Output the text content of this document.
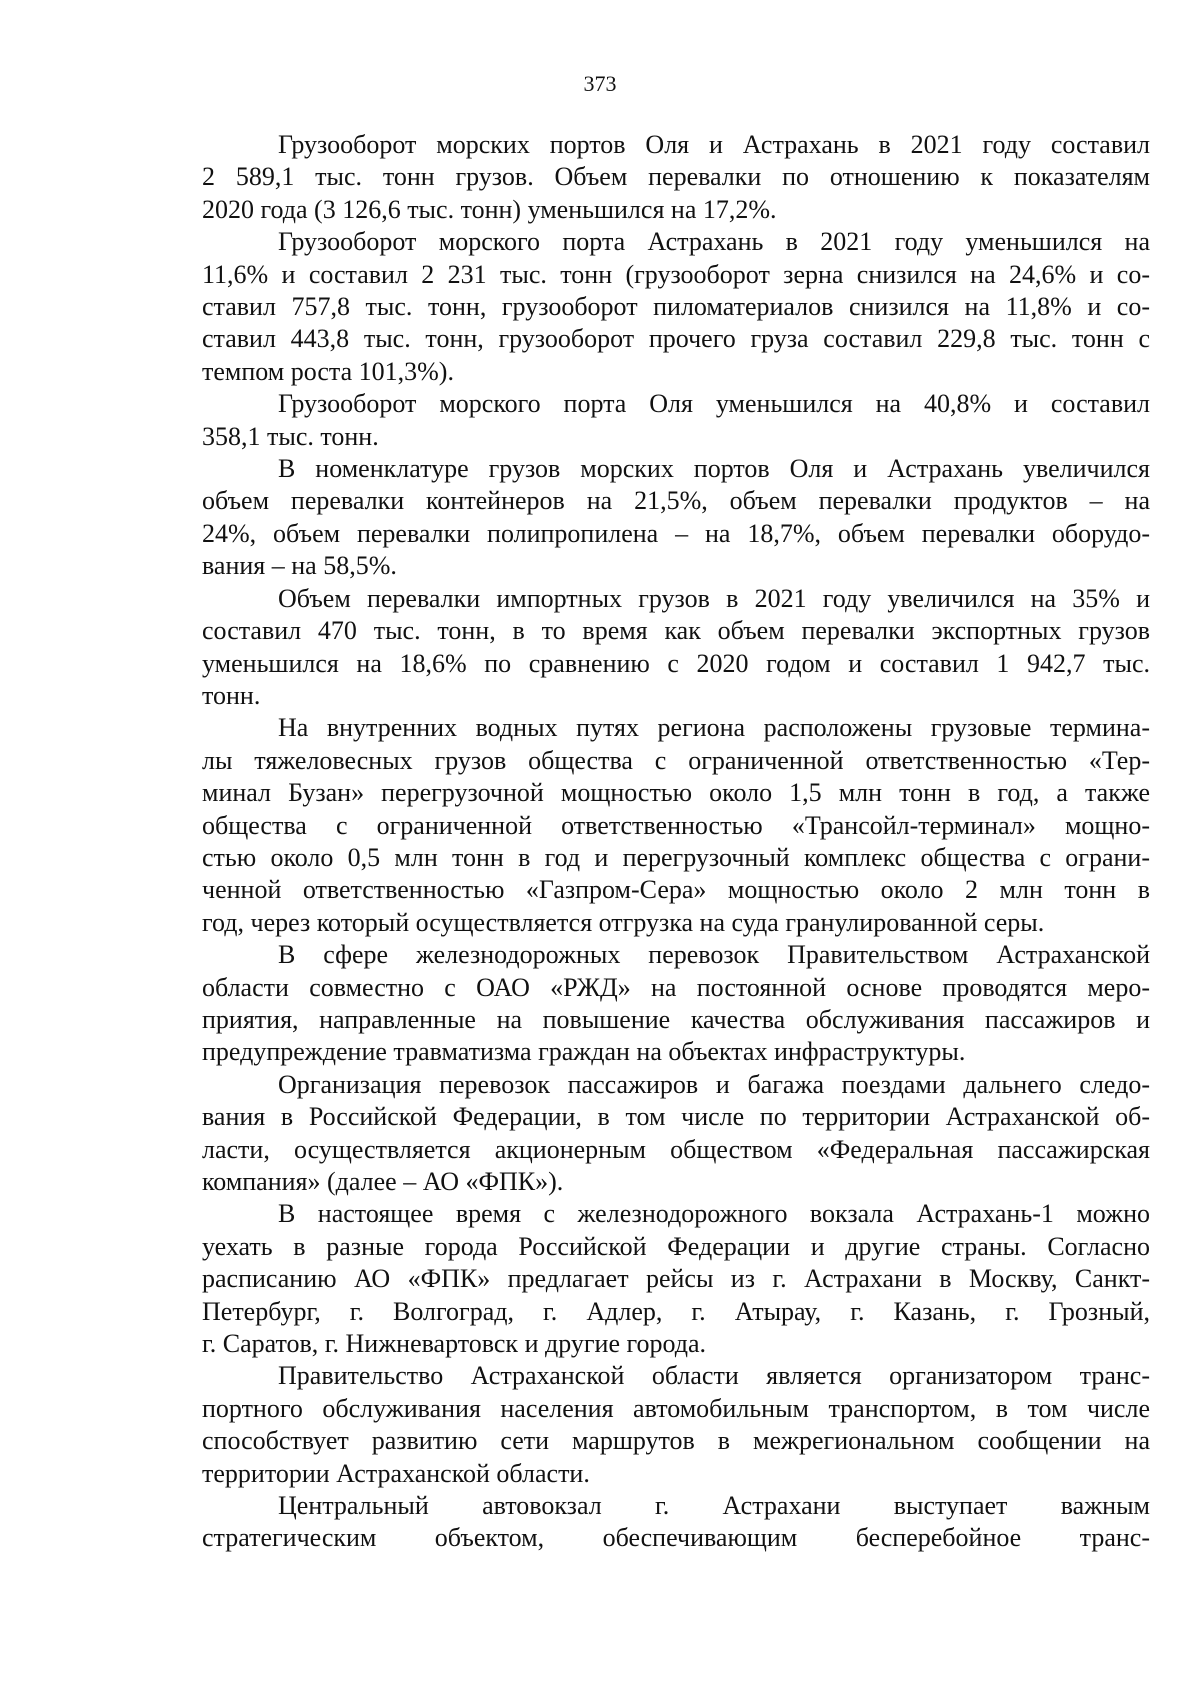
373

Грузооборот морских портов Оля и Астрахань в 2021 году составил
2 589,1 тыс. тонн грузов. Объем перевалки по отношению к показателям
2020 года (3 126,6 тыс. тонн) уменьшился на 17,2%.

Грузооборот морского порта Астрахань в 2021 году уменьшился на
11,6% и составил 2 231 тыс. тонн (грузооборот зерна снизился на 24,6% и со-
ставил 757,8 тыс. тонн, грузооборот пиломатериалов снизился на 11,8% и со-
ставил 443,8 тыс. тонн, грузооборот прочего груза составил 229,8 тыс. тонн с
темпом роста 101,3%).

Грузооборот морского порта Оля уменьшился на 40,8% и составил
358,1 тыс. тонн.

В номенклатуре грузов морских портов Оля и Астрахань увеличился
объем перевалки контейнеров на 21,5%, объем перевалки продуктов – на
24%, объем перевалки полипропилена – на 18,7%, объем перевалки оборудо-
вания – на 58,5%.

Объем перевалки импортных грузов в 2021 году увеличился на 35% и
составил 470 тыс. тонн, в то время как объем перевалки экспортных грузов
уменьшился на 18,6% по сравнению с 2020 годом и составил 1 942,7 тыс.
тонн.

На внутренних водных путях региона расположены грузовые термина-
лы тяжеловесных грузов общества с ограниченной ответственностью «Тер-
минал Бузан» перегрузочной мощностью около 1,5 млн тонн в год, а также
общества с ограниченной ответственностью «Трансойл-терминал» мощно-
стью около 0,5 млн тонн в год и перегрузочный комплекс общества с ограни-
ченной ответственностью «Газпром-Сера» мощностью около 2 млн тонн в
год, через который осуществляется отгрузка на суда гранулированной серы.

В сфере железнодорожных перевозок Правительством Астраханской
области совместно с ОАО «РЖД» на постоянной основе проводятся меро-
приятия, направленные на повышение качества обслуживания пассажиров и
предупреждение травматизма граждан на объектах инфраструктуры.

Организация перевозок пассажиров и багажа поездами дальнего следо-
вания в Российской Федерации, в том числе по территории Астраханской об-
ласти, осуществляется акционерным обществом «Федеральная пассажирская
компания» (далее – АО «ФПК»).

В настоящее время с железнодорожного вокзала Астрахань-1 можно
уехать в разные города Российской Федерации и другие страны. Согласно
расписанию АО «ФПК» предлагает рейсы из г. Астрахани в Москву, Санкт-
Петербург, г. Волгоград, г. Адлер, г. Атырау, г. Казань, г. Грозный,
г. Саратов, г. Нижневартовск и другие города.

Правительство Астраханской области является организатором транс-
портного обслуживания населения автомобильным транспортом, в том числе
способствует развитию сети маршрутов в межрегиональном сообщении на
территории Астраханской области.

Центральный автовокзал г. Астрахани выступает важным
стратегическим объектом, обеспечивающим бесперебойное транс-
